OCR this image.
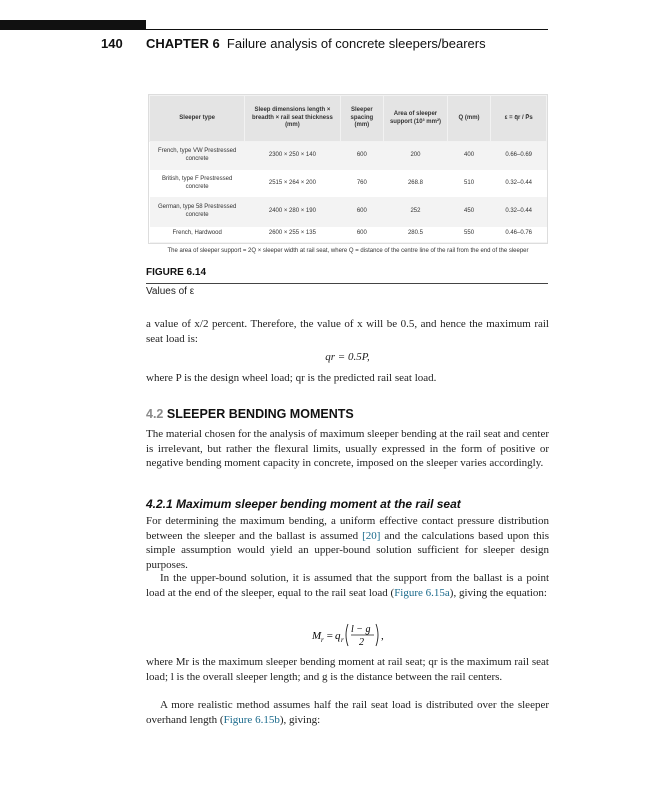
140 CHAPTER 6 Failure analysis of concrete sleepers/bearers
Sleeper type	Sleep dimensions length × breadth × rail seat thickness (mm)	Sleeper spacing (mm)	Area of sleeper support (10³ mm²)	Q (mm)	ε = q̄r / P̄s
French, type VW Prestressed concrete	2300 × 250 × 140	600	200	400	0.66–0.69
British, type F Prestressed concrete	2515 × 264 × 200	760	268.8	510	0.32–0.44
German, type 58 Prestressed concrete	2400 × 280 × 190	600	252	450	0.32–0.44
French, Hardwood	2600 × 255 × 135	600	280.5	550	0.46–0.76
The area of sleeper support = 2Q × sleeper width at rail seat, where Q = distance of the centre line of the rail from the end of the sleeper
FIGURE 6.14
Values of ε

a value of x/2 percent. Therefore, the value of x will be 0.5, and hence the maximum rail seat load is:

qr = 0.5P,

where P is the design wheel load; qr is the predicted rail seat load.

4.2 SLEEPER BENDING MOMENTS

The material chosen for the analysis of maximum sleeper bending at the rail seat and center is irrelevant, but rather the flexural limits, usually expressed in the form of positive or negative bending moment capacity in concrete, imposed on the sleeper varies accordingly.

4.2.1 Maximum sleeper bending moment at the rail seat

For determining the maximum bending, a uniform effective contact pressure distribution between the sleeper and the ballast is assumed [20] and the calculations based upon this simple assumption would yield an upper-bound solution sufficient for sleeper design purposes.

In the upper-bound solution, it is assumed that the support from the ballast is a point load at the end of the sleeper, equal to the rail seat load (Figure 6.15a), giving the equation:

M r = q r
l − g
2
,

where Mr is the maximum sleeper bending moment at rail seat; qr is the maximum rail seat load; l is the overall sleeper length; and g is the distance between the rail centers.

A more realistic method assumes half the rail seat load is distributed over the sleeper overhand length (Figure 6.15b), giving:
